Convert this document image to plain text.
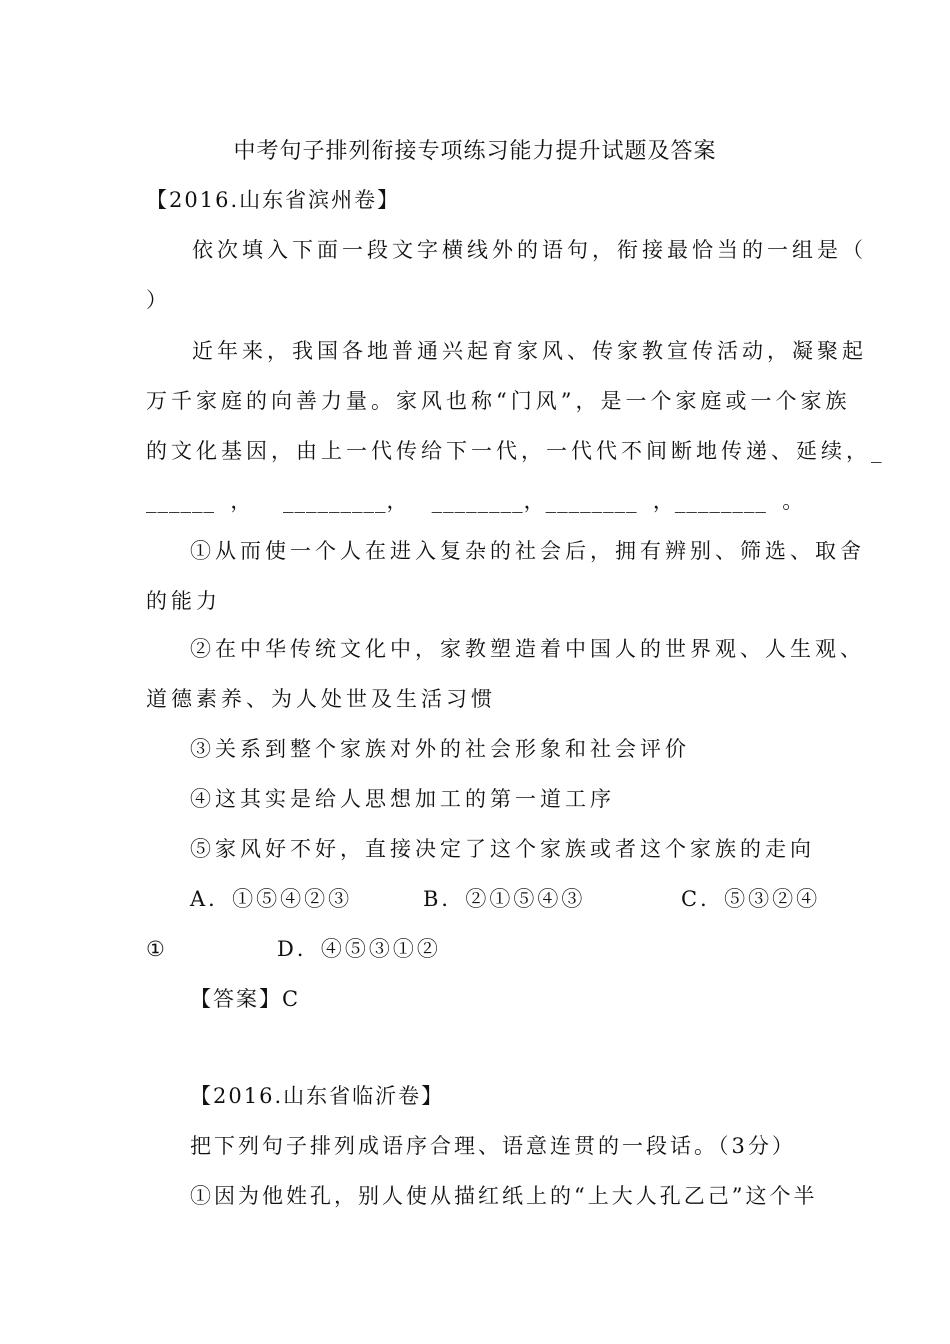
中考句子排列衔接专项练习能力提升试题及答案
【2016.山东省滨州卷】
依次填入下面一段文字横线外的语句，衔接最恰当的一组是（
）
近年来，我国各地普通兴起育家风、传家教宣传活动，凝聚起
万千家庭的向善力量。家风也称“门风”，是一个家庭或一个家族
的文化基因，由上一代传给下一代，一代代不间断地传递、延续，_
______  ，    _________，   ________，________  ，________  。
①从而使一个人在进入复杂的社会后，拥有辨别、筛选、取舍
的能力
②在中华传统文化中，家教塑造着中国人的世界观、人生观、
道德素养、为人处世及生活习惯
③关系到整个家族对外的社会形象和社会评价
④这其实是给人思想加工的第一道工序
⑤家风好不好，直接决定了这个家族或者这个家族的走向
A．①⑤④②③	B．②①⑤④③	C．⑤③②④
①	D．④⑤③①②
【答案】C
【2016.山东省临沂卷】
把下列句子排列成语序合理、语意连贯的一段话。（3分）
①因为他姓孔，别人使从描红纸上的“上大人孔乙己”这个半
